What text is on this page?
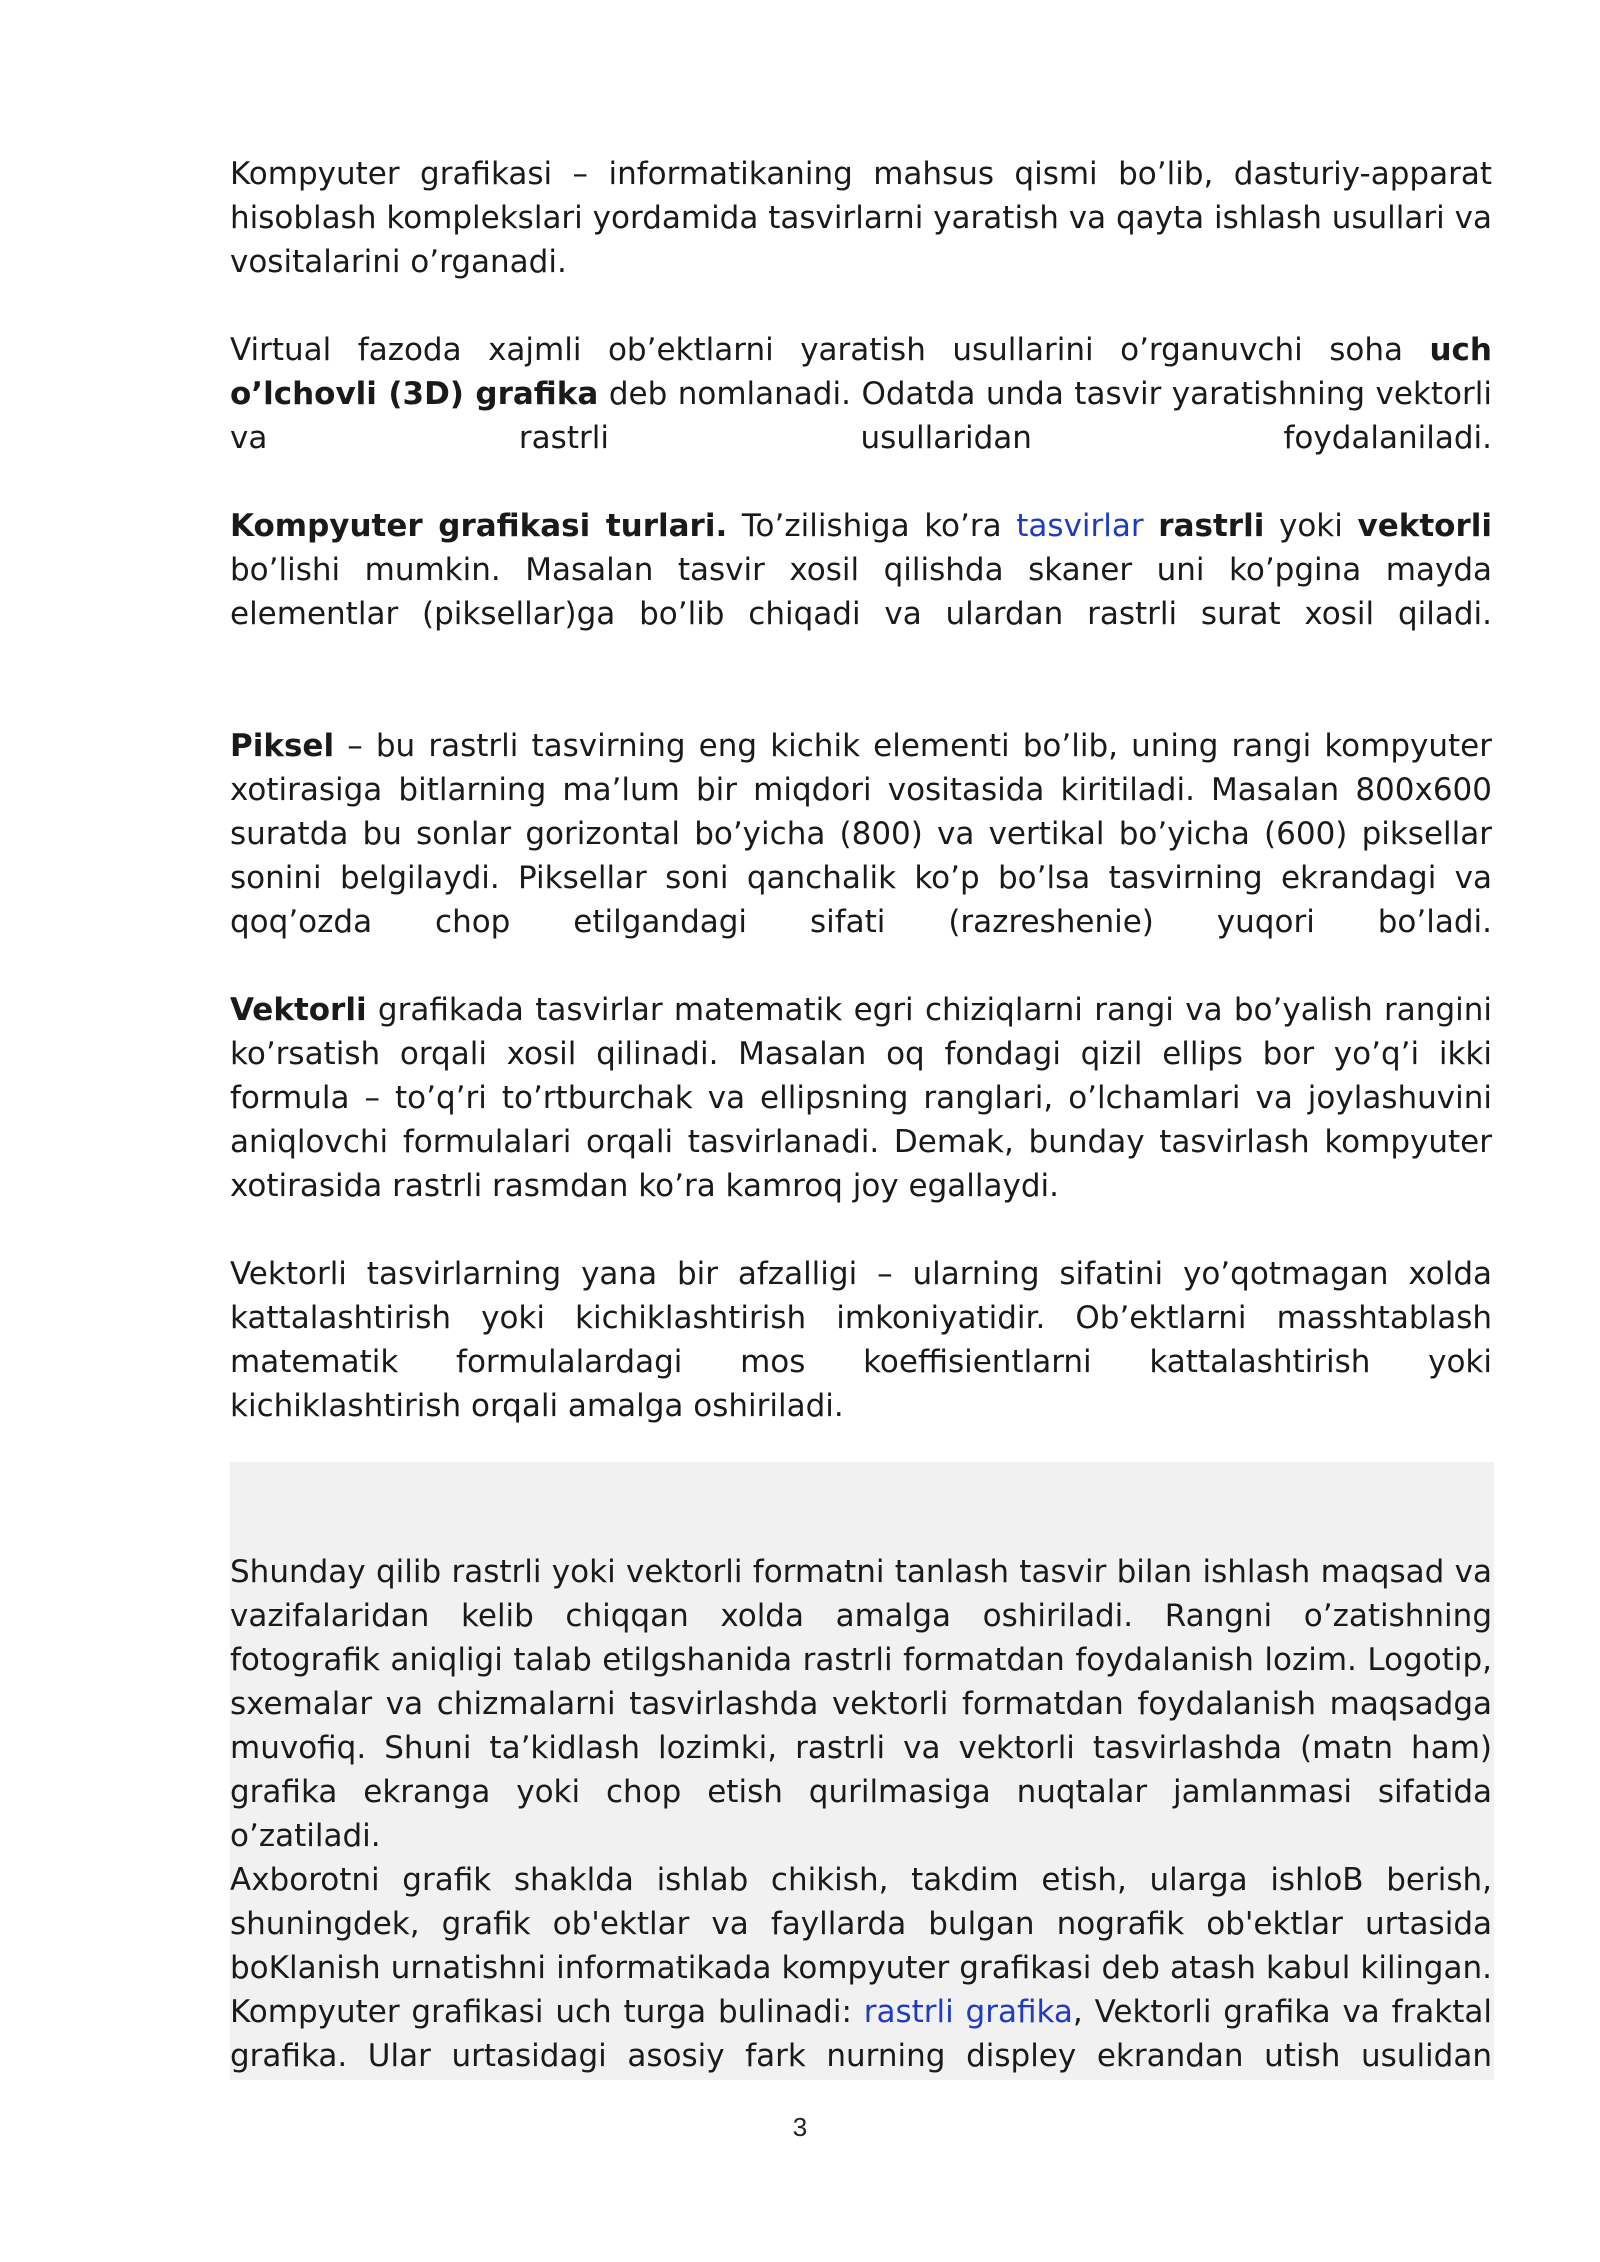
Kompyuter grafikasi – informatikaning mahsus qismi bo’lib, dasturiy-apparat hisoblash komplekslari yordamida tasvirlarni yaratish va qayta ishlash usullari va vositalarini o’rganadi.

Virtual fazoda xajmli ob’ektlarni yaratish usullarini o’rganuvchi soha uch o’lchovli (3D) grafika deb nomlanadi. Odatda unda tasvir yaratishning vektorli va rastrli usullaridan foydalaniladi.

Kompyuter grafikasi turlari. To’zilishiga ko’ra tasvirlar rastrli yoki vektorli bo’lishi mumkin. Masalan tasvir xosil qilishda skaner uni ko’pgina mayda elementlar (piksellar)ga bo’lib chiqadi va ulardan rastrli surat xosil qiladi.

Piksel – bu rastrli tasvirning eng kichik elementi bo’lib, uning rangi kompyuter xotirasiga bitlarning ma’lum bir miqdori vositasida kiritiladi. Masalan 800x600 suratda bu sonlar gorizontal bo’yicha (800) va vertikal bo’yicha (600) piksellar sonini belgilaydi. Piksellar soni qanchalik ko’p bo’lsa tasvirning ekrandagi va qoq’ozda chop etilgandagi sifati (razreshenie) yuqori bo’ladi.

Vektorli grafikada tasvirlar matematik egri chiziqlarni rangi va bo’yalish rangini ko’rsatish orqali xosil qilinadi. Masalan oq fondagi qizil ellips bor yo’q’i ikki formula – to’q’ri to’rtburchak va ellipsning ranglari, o’lchamlari va joylashuvini aniqlovchi formulalari orqali tasvirlanadi. Demak, bunday tasvirlash kompyuter xotirasida rastrli rasmdan ko’ra kamroq joy egallaydi.

Vektorli tasvirlarning yana bir afzalligi – ularning sifatini yo’qotmagan xolda kattalashtirish yoki kichiklashtirish imkoniyatidir. Ob’ektlarni masshtablash matematik formulalardagi mos koeffisientlarni kattalashtirish yoki kichiklashtirish orqali amalga oshiriladi.

Shunday qilib rastrli yoki vektorli formatni tanlash tasvir bilan ishlash maqsad va vazifalaridan kelib chiqqan xolda amalga oshiriladi. Rangni o’zatishning fotografik aniqligi talab etilgshanida rastrli formatdan foydalanish lozim. Logotip, sxemalar va chizmalarni tasvirlashda vektorli formatdan foydalanish maqsadga muvofiq. Shuni ta’kidlash lozimki, rastrli va vektorli tasvirlashda (matn ham) grafika ekranga yoki chop etish qurilmasiga nuqtalar jamlanmasi sifatida o’zatiladi.

Axborotni grafik shaklda ishlab chikish, takdim etish, ularga ishloB berish, shuningdek, grafik ob'ektlar va fayllarda bulgan nografik ob'ektlar urtasida boKlanish urnatishni informatikada kompyuter grafikasi deb atash kabul kilingan. Kompyuter grafikasi uch turga bulinadi: rastrli grafika, Vektorli grafika va fraktal grafika. Ular urtasidagi asosiy fark nurning displey ekrandan utish usulidan

3
